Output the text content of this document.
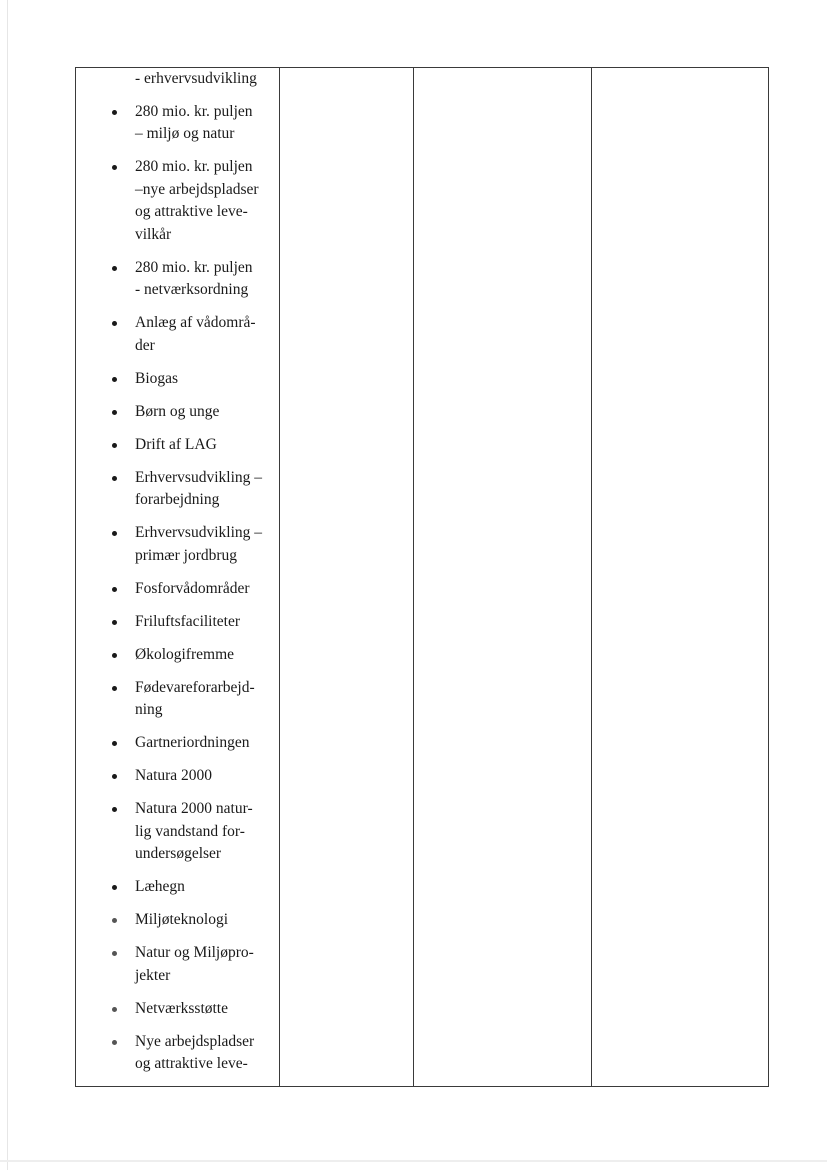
- erhvervsudvikling
280 mio. kr. puljen
– miljø og natur
280 mio. kr. puljen
–nye arbejdspladser
og attraktive leve-
vilkår
280 mio. kr. puljen
- netværksordning
Anlæg af vådområ-
der
Biogas
Børn og unge
Drift af LAG
Erhvervsudvikling –
forarbejdning
Erhvervsudvikling –
primær jordbrug
Fosforvådområder
Friluftsfaciliteter
Økologifremme
Fødevareforarbejd-
ning
Gartneriordningen
Natura 2000
Natura 2000 natur-
lig vandstand for-
undersøgelser
Læhegn
Miljøteknologi
Natur og Miljøpro-
jekter
Netværksstøtte
Nye arbejdspladser
og attraktive leve-
